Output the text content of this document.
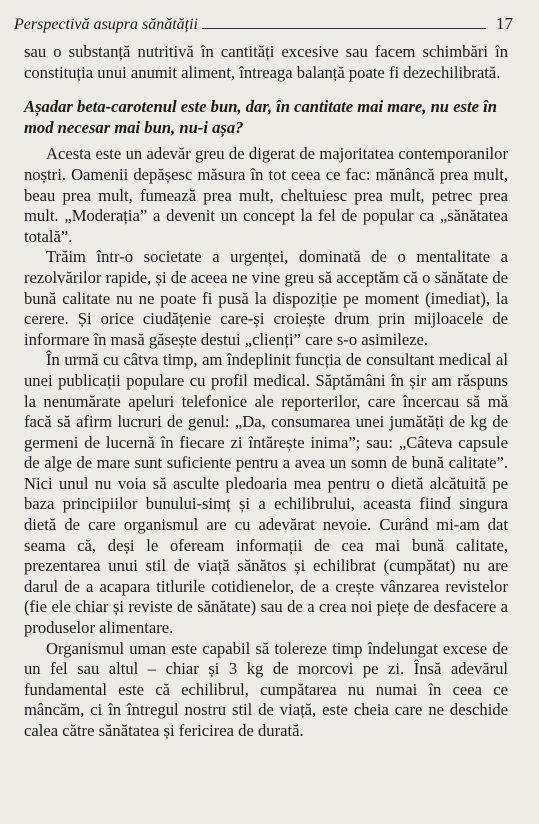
Perspectivă asupra sănătății	17

sau o substanță nutritivă în cantități excesive sau facem schimbări în constituția unui anumit aliment, întreaga balanță poate fi dezechilibrată.

Așadar beta-carotenul este bun, dar, în cantitate mai mare, nu este în mod necesar mai bun, nu-i așa?

Acesta este un adevăr greu de digerat de majoritatea contemporanilor noștri. Oamenii depășesc măsura în tot ceea ce fac: mănâncă prea mult, beau prea mult, fumează prea mult, cheltuiesc prea mult, petrec prea mult. „Moderația” a devenit un concept la fel de popular ca „sănătatea totală”.

Trăim într-o societate a urgenței, dominată de o mentalitate a rezolvărilor rapide, și de aceea ne vine greu să acceptăm că o sănătate de bună calitate nu ne poate fi pusă la dispoziție pe moment (imediat), la cerere. Și orice ciudățenie care-și croiește drum prin mijloacele de informare în masă găsește destui „clienți” care s-o asimileze.

În urmă cu câtva timp, am îndeplinit funcția de consultant medical al unei publicații populare cu profil medical. Săptămâni în șir am răspuns la nenumărate apeluri telefonice ale reporterilor, care încercau să mă facă să afirm lucruri de genul: „Da, consumarea unei jumătăți de kg de germeni de lucernă în fiecare zi întărește inima”; sau: „Câteva capsule de alge de mare sunt suficiente pentru a avea un somn de bună calitate”. Nici unul nu voia să asculte pledoaria mea pentru o dietă alcătuită pe baza principiilor bunului-simț și a echilibrului, aceasta fiind singura dietă de care organismul are cu adevărat nevoie. Curând mi-am dat seama că, deși le ofeream informații de cea mai bună calitate, prezentarea unui stil de viață sănătos și echilibrat (cumpătat) nu are darul de a acapara titlurile cotidienelor, de a crește vânzarea revistelor (fie ele chiar și reviste de sănătate) sau de a crea noi piețe de desfacere a produselor alimentare.

Organismul uman este capabil să tolereze timp îndelungat excese de un fel sau altul – chiar și 3 kg de morcovi pe zi. Însă adevărul fundamental este că echilibrul, cumpătarea nu numai în ceea ce mâncăm, ci în întregul nostru stil de viață, este cheia care ne deschide calea către sănătatea și fericirea de durată.
